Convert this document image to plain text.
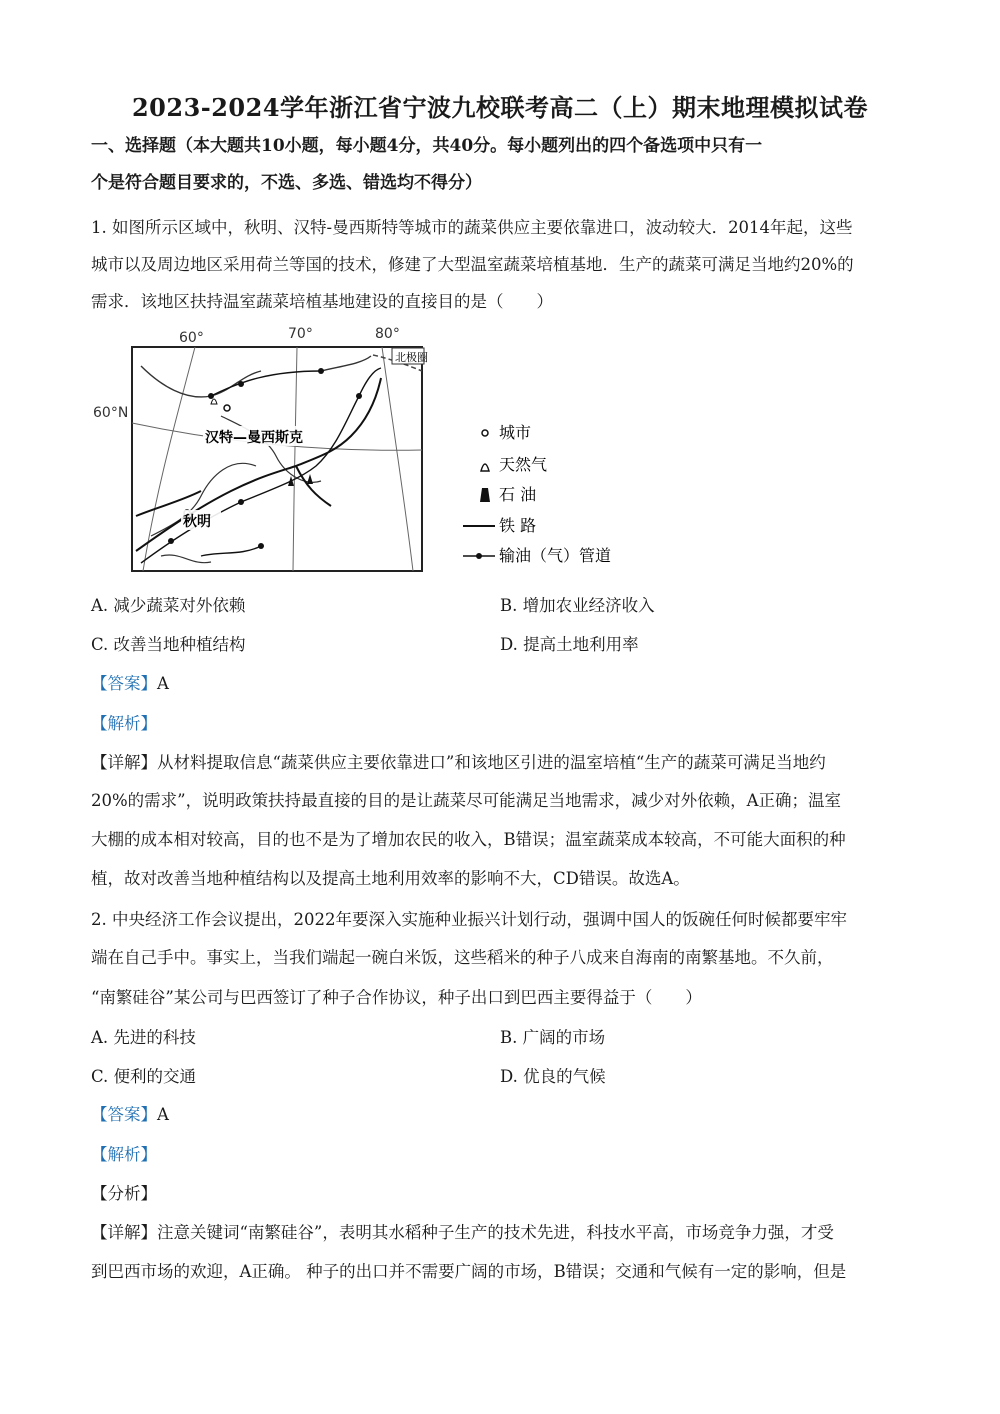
2023-2024学年浙江省宁波九校联考高二（上）期末地理模拟试卷
一、选择题（本大题共10小题，每小题4分，共40分。每小题列出的四个备选项中只有一
个是符合题目要求的，不选、多选、错选均不得分）
1. 如图所示区域中，秋明、汉特-曼西斯特等城市的蔬菜供应主要依靠进口，波动较大．2014年起，这些
城市以及周边地区采用荷兰等国的技术，修建了大型温室蔬菜培植基地．生产的蔬菜可满足当地约20%的
需求．该地区扶持温室蔬菜培植基地建设的直接目的是（　　）
北极圈
60°	70°	80°
60°N
汉特—曼西斯克
秋明
城市
天然气
石 油
铁 路
输油（气）管道
A. 减少蔬菜对外依赖	B. 增加农业经济收入
C. 改善当地种植结构	D. 提高土地利用率
【答案】A
【解析】
【详解】从材料提取信息“蔬菜供应主要依靠进口”和该地区引进的温室培植“生产的蔬菜可满足当地约
20%的需求”，说明政策扶持最直接的目的是让蔬菜尽可能满足当地需求，减少对外依赖，A正确；温室
大棚的成本相对较高，目的也不是为了增加农民的收入，B错误；温室蔬菜成本较高，不可能大面积的种
植，故对改善当地种植结构以及提高土地利用效率的影响不大，CD错误。故选A。
2. 中央经济工作会议提出，2022年要深入实施种业振兴计划行动，强调中国人的饭碗任何时候都要牢牢
端在自己手中。事实上，当我们端起一碗白米饭，这些稻米的种子八成来自海南的南繁基地。不久前，
“南繁硅谷”某公司与巴西签订了种子合作协议，种子出口到巴西主要得益于（　　）
A. 先进的科技	B. 广阔的市场
C. 便利的交通	D. 优良的气候
【答案】A
【解析】
【分析】
【详解】注意关键词“南繁硅谷”，表明其水稻种子生产的技术先进，科技水平高，市场竞争力强，才受
到巴西市场的欢迎，A正确。 种子的出口并不需要广阔的市场，B错误；交通和气候有一定的影响，但是
